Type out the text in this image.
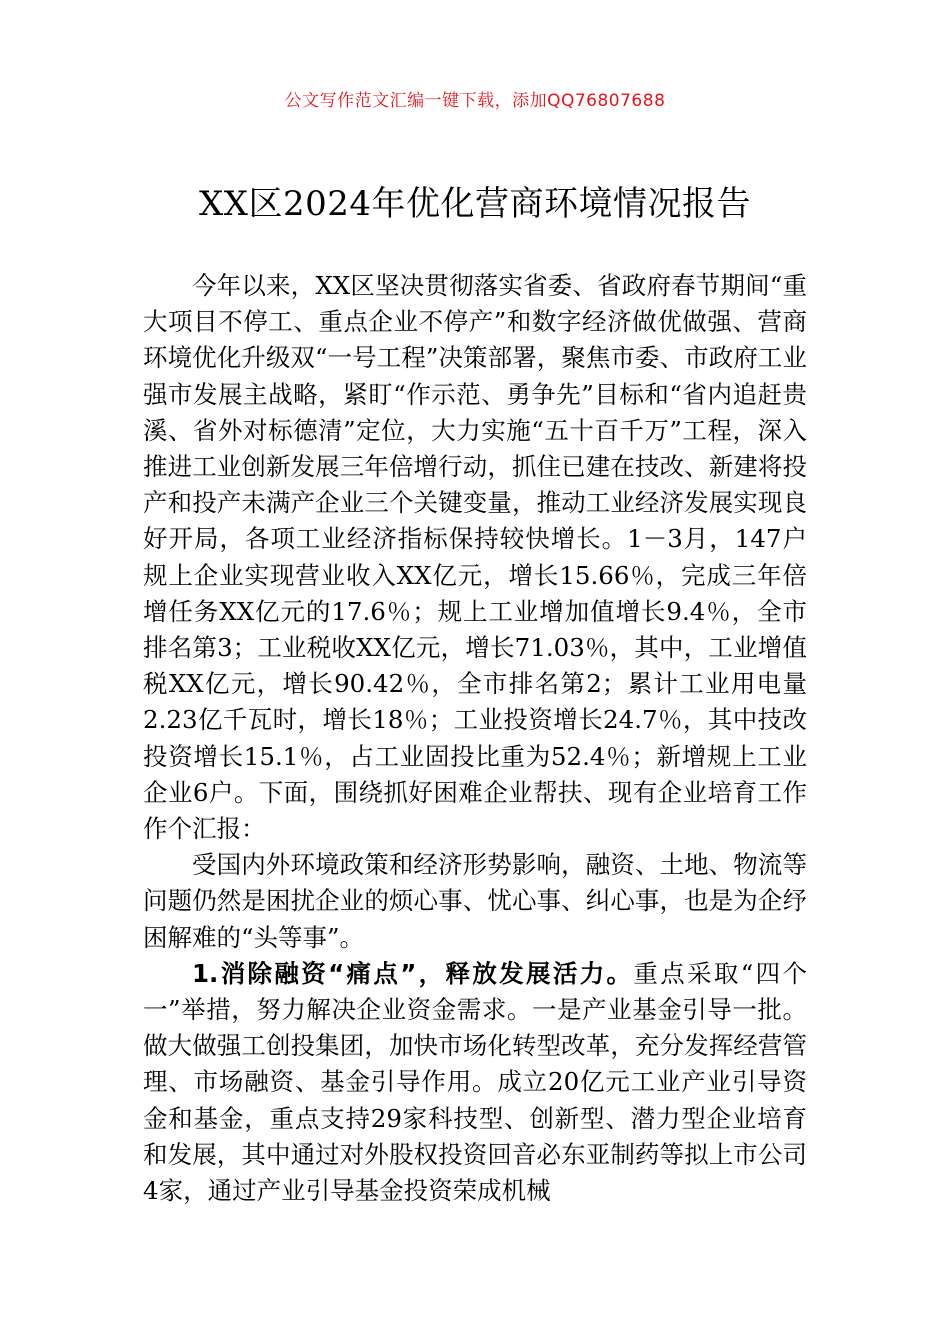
公文写作范文汇编一键下载，添加QQ76807688
XX区2024年优化营商环境情况报告

今年以来，XX区坚决贯彻落实省委、省政府春节期间“重大项目不停工、重点企业不停产”和数字经济做优做强、营商环境优化升级双“一号工程”决策部署，聚焦市委、市政府工业强市发展主战略，紧盯“作示范、勇争先”目标和“省内追赶贵溪、省外对标德清”定位，大力实施“五十百千万”工程，深入推进工业创新发展三年倍增行动，抓住已建在技改、新建将投产和投产未满产企业三个关键变量，推动工业经济发展实现良好开局，各项工业经济指标保持较快增长。1－3月，147户规上企业实现营业收入XX亿元，增长15.66％，完成三年倍增任务XX亿元的17.6％；规上工业增加值增长9.4％，全市排名第3；工业税收XX亿元，增长71.03％，其中，工业增值税XX亿元，增长90.42％，全市排名第2；累计工业用电量2.23亿千瓦时，增长18％；工业投资增长24.7％，其中技改投资增长15.1％，占工业固投比重为52.4％；新增规上工业企业6户。下面，围绕抓好困难企业帮扶、现有企业培育工作作个汇报：

受国内外环境政策和经济形势影响，融资、土地、物流等问题仍然是困扰企业的烦心事、忧心事、纠心事，也是为企纾困解难的“头等事”。

1.消除融资“痛点”，释放发展活力。重点采取“四个一”举措，努力解决企业资金需求。一是产业基金引导一批。做大做强工创投集团，加快市场化转型改革，充分发挥经营管理、市场融资、基金引导作用。成立20亿元工业产业引导资金和基金，重点支持29家科技型、创新型、潜力型企业培育和发展，其中通过对外股权投资回音必东亚制药等拟上市公司4家，通过产业引导基金投资荣成机械
